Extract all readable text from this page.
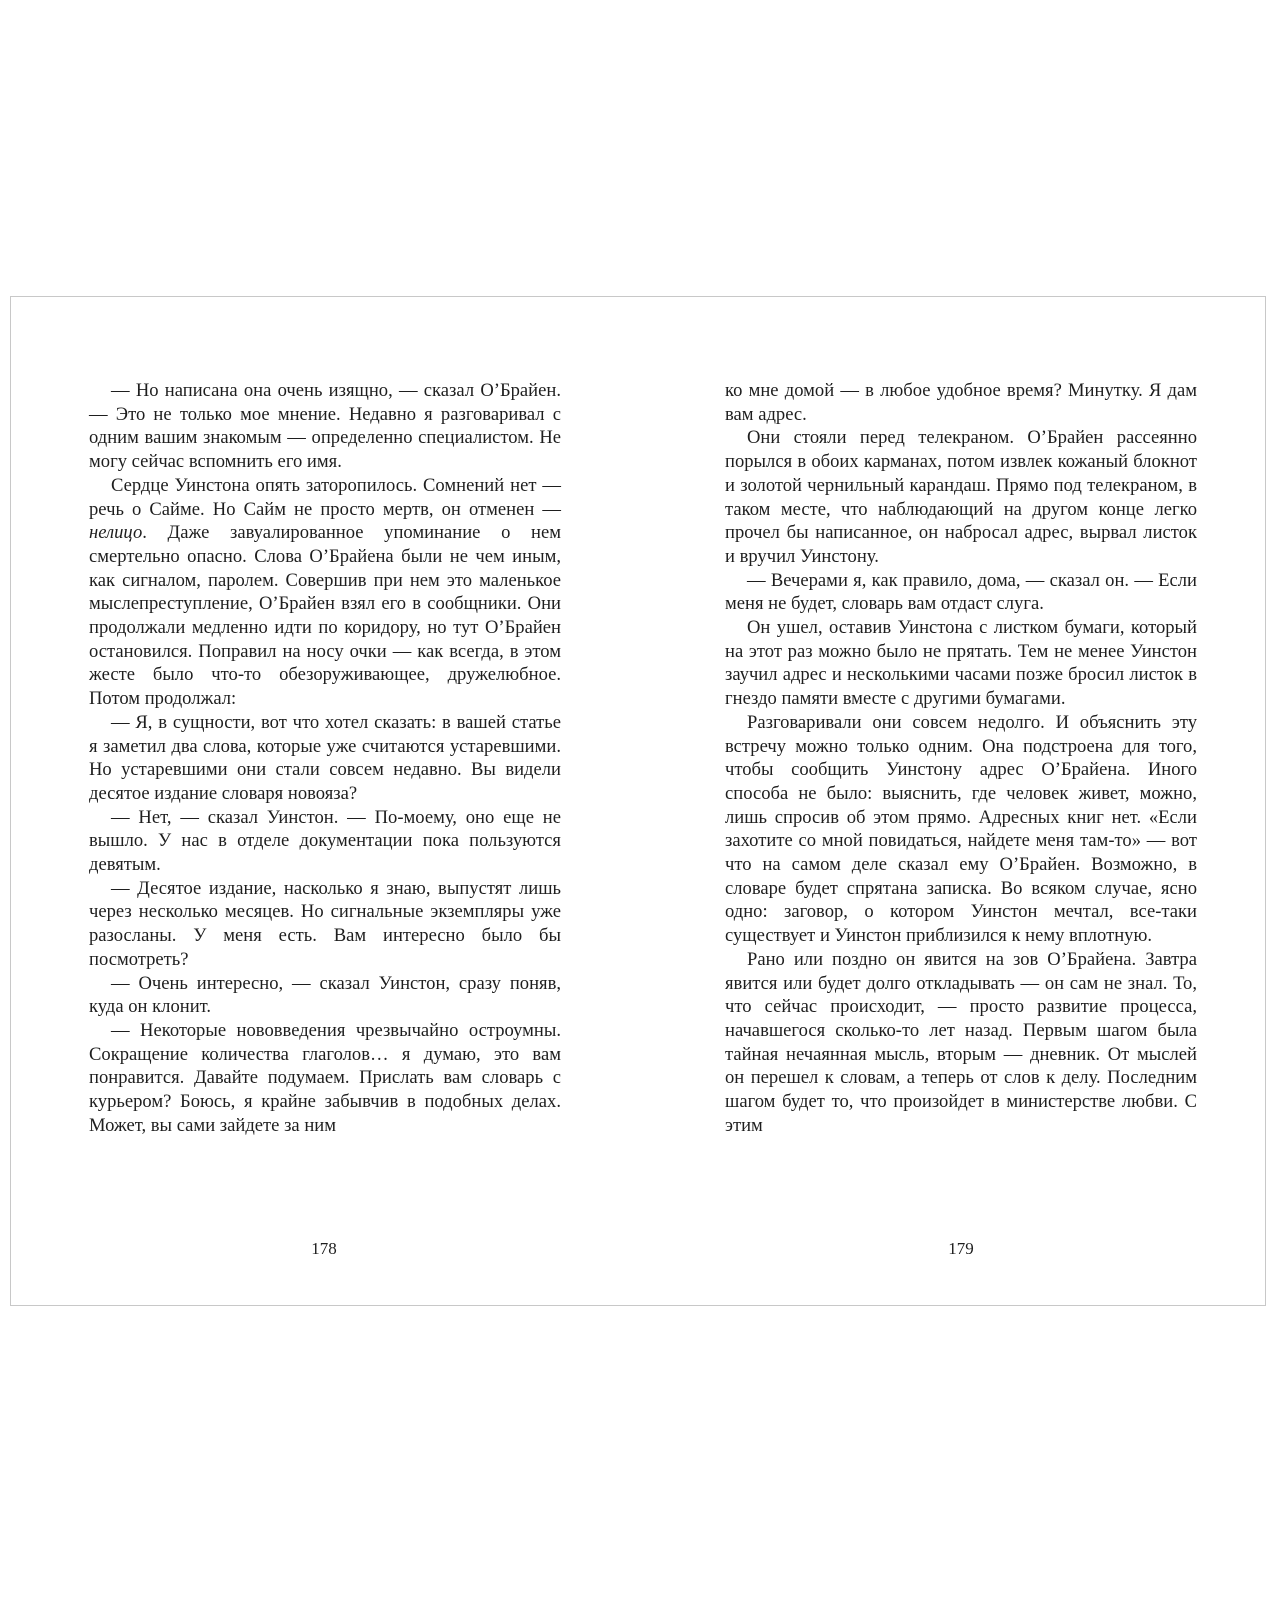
— Но написана она очень изящно, — сказал О’Брайен. — Это не только мое мнение. Недавно я разговаривал с одним вашим знакомым — определенно специалистом. Не могу сейчас вспомнить его имя.

Сердце Уинстона опять заторопилось. Сомнений нет — речь о Сайме. Но Сайм не просто мертв, он отменен — нелицо. Даже завуалированное упоминание о нем смертельно опасно. Слова О’Брайена были не чем иным, как сигналом, паролем. Совершив при нем это маленькое мыслепреступление, О’Брайен взял его в сообщники. Они продолжали медленно идти по коридору, но тут О’Брайен остановился. Поправил на носу очки — как всегда, в этом жесте было что-то обезоруживающее, дружелюбное. Потом продолжал:

— Я, в сущности, вот что хотел сказать: в вашей статье я заметил два слова, которые уже считаются устаревшими. Но устаревшими они стали совсем недавно. Вы видели десятое издание словаря новояза?

— Нет, — сказал Уинстон. — По-моему, оно еще не вышло. У нас в отделе документации пока пользуются девятым.

— Десятое издание, насколько я знаю, выпустят лишь через несколько месяцев. Но сигнальные экземпляры уже разосланы. У меня есть. Вам интересно было бы посмотреть?

— Очень интересно, — сказал Уинстон, сразу поняв, куда он клонит.

— Некоторые нововведения чрезвычайно остроумны. Сокращение количества глаголов… я думаю, это вам понравится. Давайте подумаем. Прислать вам словарь с курьером? Боюсь, я крайне забывчив в подобных делах. Может, вы сами зайдете за ним

ко мне домой — в любое удобное время? Минутку. Я дам вам адрес.

Они стояли перед телекраном. О’Брайен рассеянно порылся в обоих карманах, потом извлек кожаный блокнот и золотой чернильный карандаш. Прямо под телекраном, в таком месте, что наблюдающий на другом конце легко прочел бы написанное, он набросал адрес, вырвал листок и вручил Уинстону.

— Вечерами я, как правило, дома, — сказал он. — Если меня не будет, словарь вам отдаст слуга.

Он ушел, оставив Уинстона с листком бумаги, который на этот раз можно было не прятать. Тем не менее Уинстон заучил адрес и несколькими часами позже бросил листок в гнездо памяти вместе с другими бумагами.

Разговаривали они совсем недолго. И объяснить эту встречу можно только одним. Она подстроена для того, чтобы сообщить Уинстону адрес О’Брайена. Иного способа не было: выяснить, где человек живет, можно, лишь спросив об этом прямо. Адресных книг нет. «Если захотите со мной повидаться, найдете меня там-то» — вот что на самом деле сказал ему О’Брайен. Возможно, в словаре будет спрятана записка. Во всяком случае, ясно одно: заговор, о котором Уинстон мечтал, все-таки существует и Уинстон приблизился к нему вплотную.

Рано или поздно он явится на зов О’Брайена. Завтра явится или будет долго откладывать — он сам не знал. То, что сейчас происходит, — просто развитие процесса, начавшегося сколько-то лет назад. Первым шагом была тайная нечаянная мысль, вторым — дневник. От мыслей он перешел к словам, а теперь от слов к делу. Последним шагом будет то, что произойдет в министерстве любви. С этим

178	179
